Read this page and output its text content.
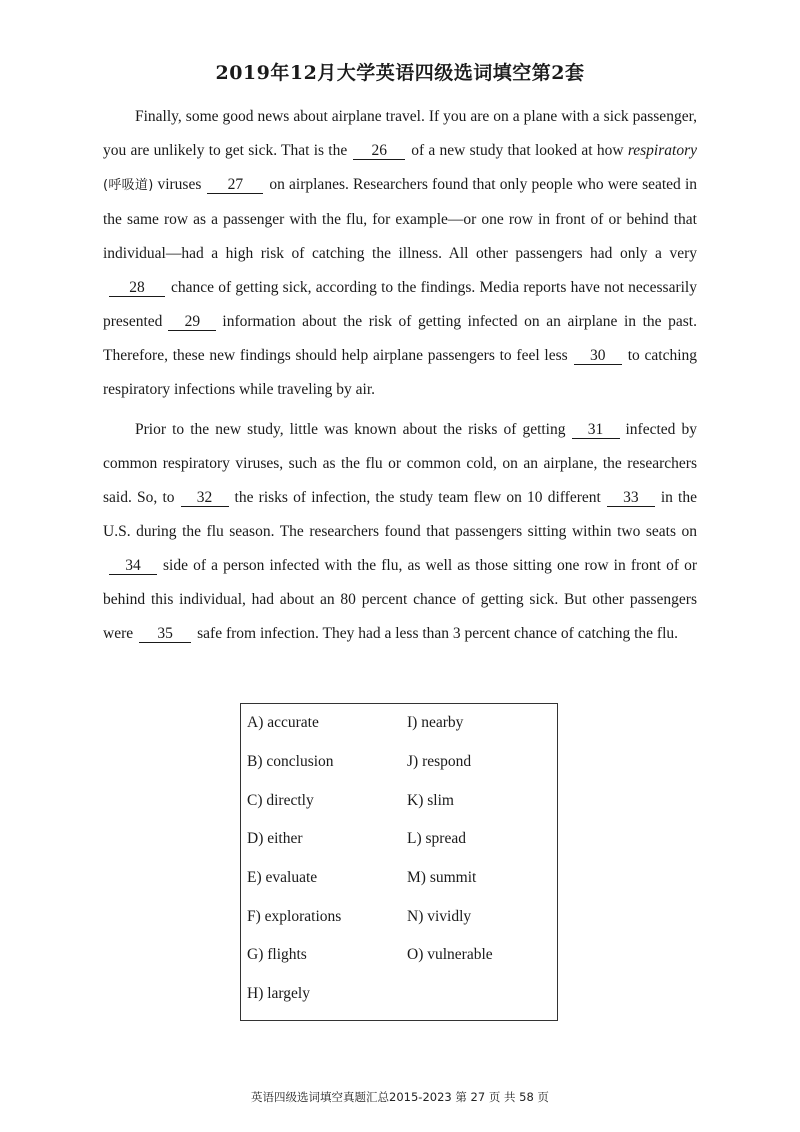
2019年12月大学英语四级选词填空第2套

Finally, some good news about airplane travel. If you are on a plane with a sick passenger, you are unlikely to get sick. That is the 26 of a new study that looked at how respiratory (呼吸道) viruses 27 on airplanes. Researchers found that only people who were seated in the same row as a passenger with the flu, for example—or one row in front of or behind that individual—had a high risk of catching the illness. All other passengers had only a very28 chance of getting sick, according to the findings. Media reports have not necessarily presented 29 information about the risk of getting infected on an airplane in the past. Therefore, these new findings should help airplane passengers to feel less 30 to catching respiratory infections while traveling by air.

Prior to the new study, little was known about the risks of getting 31 infected by common respiratory viruses, such as the flu or common cold, on an airplane, the researchers said. So, to 32 the risks of infection, the study team flew on 10 different 33 in the U.S. during the flu season. The researchers found that passengers sitting within two seats on34 side of a person infected with the flu, as well as those sitting one row in front of or behind this individual, had about an 80 percent chance of getting sick. But other passengers were 35 safe from infection. They had a less than 3 percent chance of catching the flu.

A) accurate
B) conclusion
C) directly
D) either
E) evaluate
F) explorations
G) flights
H) largely
I) nearby
J) respond
K) slim
L) spread
M) summit
N) vividly
O) vulnerable
英语四级选词填空真题汇总2015-2023 第 27 页 共 58 页
